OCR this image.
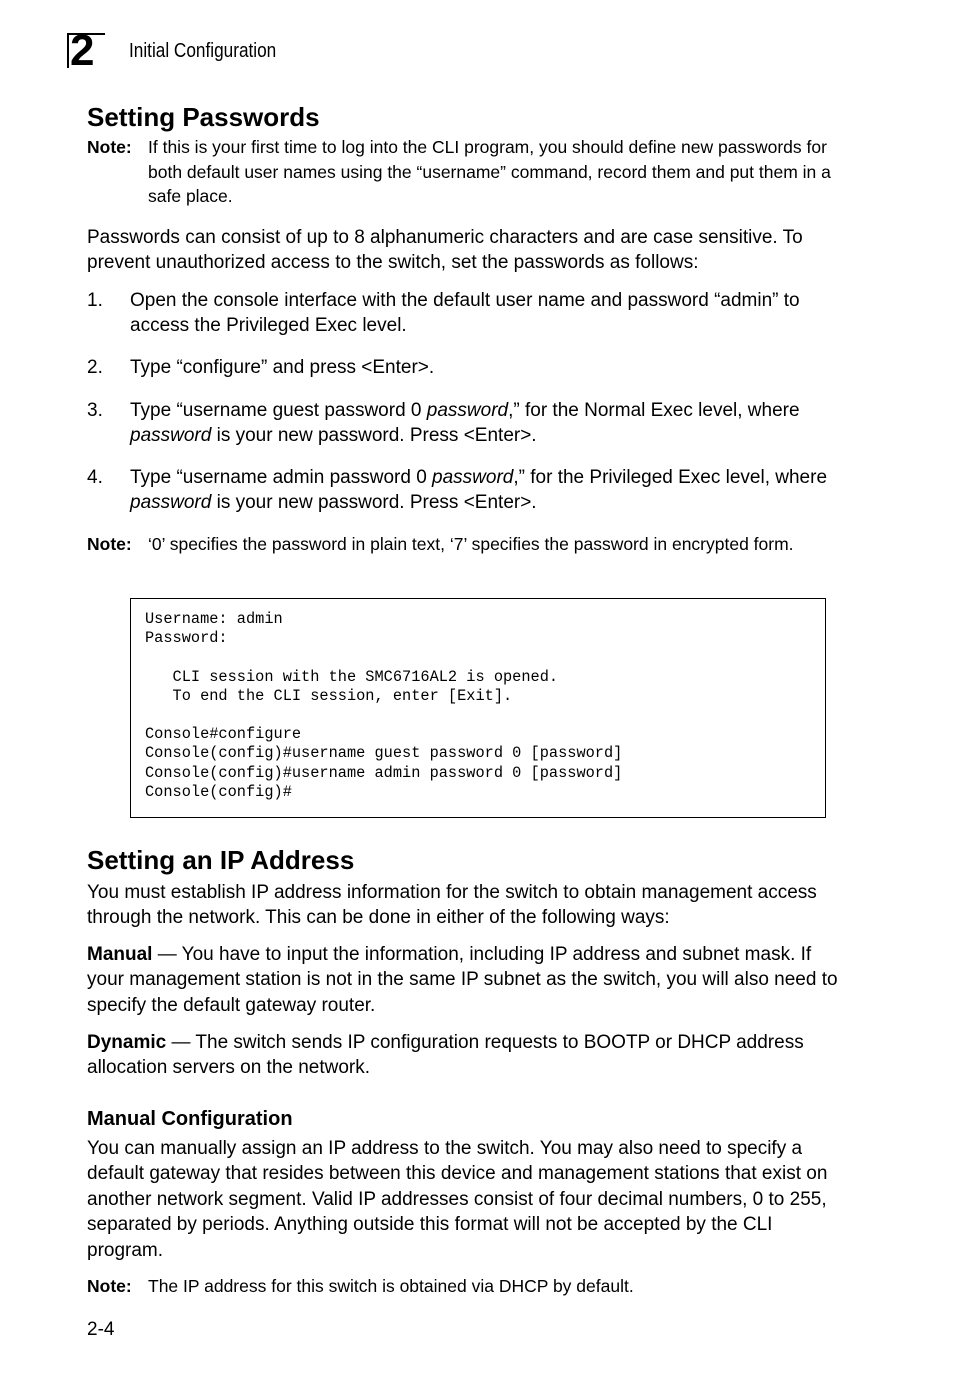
2 Initial Configuration
Setting Passwords
Note: If this is your first time to log into the CLI program, you should define new passwords for both default user names using the “username” command, record them and put them in a safe place.

Passwords can consist of up to 8 alphanumeric characters and are case sensitive. To prevent unauthorized access to the switch, set the passwords as follows:

1. Open the console interface with the default user name and password “admin” to access the Privileged Exec level.
2. Type “configure” and press <Enter>.
3. Type “username guest password 0 password,” for the Normal Exec level, where password is your new password. Press <Enter>.
4. Type “username admin password 0 password,” for the Privileged Exec level, where password is your new password. Press <Enter>.
Note: ‘0’ specifies the password in plain text, ‘7’ specifies the password in encrypted form.
Username: admin
Password:

CLI session with the SMC6716AL2 is opened.
To end the CLI session, enter [Exit].

Console#configure
Console(config)#username guest password 0 [password]
Console(config)#username admin password 0 [password]
Console(config)#
Setting an IP Address

You must establish IP address information for the switch to obtain management access through the network. This can be done in either of the following ways:

Manual — You have to input the information, including IP address and subnet mask. If your management station is not in the same IP subnet as the switch, you will also need to specify the default gateway router.

Dynamic — The switch sends IP configuration requests to BOOTP or DHCP address allocation servers on the network.

Manual Configuration

You can manually assign an IP address to the switch. You may also need to specify a default gateway that resides between this device and management stations that exist on another network segment. Valid IP addresses consist of four decimal numbers, 0 to 255, separated by periods. Anything outside this format will not be accepted by the CLI program.

Note: The IP address for this switch is obtained via DHCP by default.
2-4
